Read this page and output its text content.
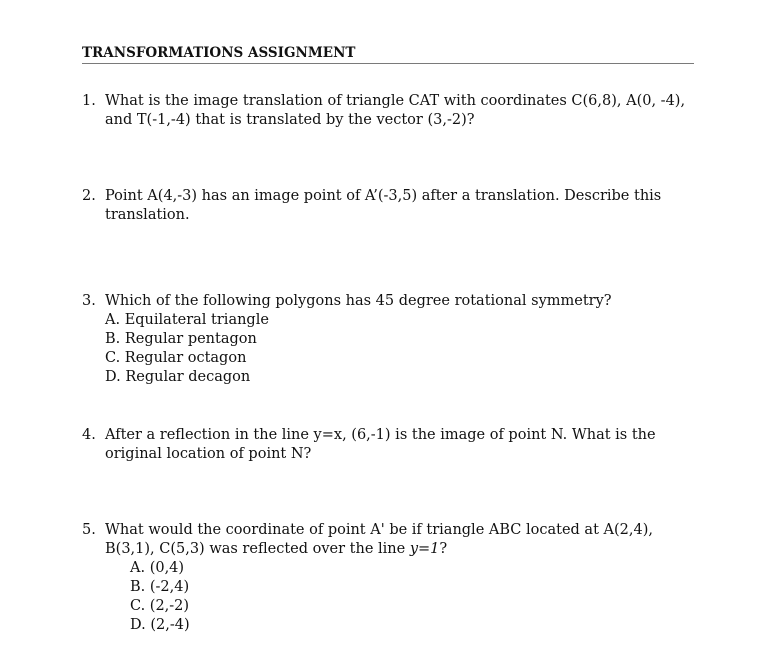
TRANSFORMATIONS ASSIGNMENT
1. What is the image translation of triangle CAT with coordinates C(6,8), A(0, -4), and T(-1,-4) that is translated by the vector (3,-2)?
2. Point A(4,-3) has an image point of A’(-3,5) after a translation. Describe this translation.
3. Which of the following polygons has 45 degree rotational symmetry?
A. Equilateral triangle
B. Regular pentagon
C. Regular octagon
D. Regular decagon
4. After a reflection in the line y=x, (6,-1) is the image of point N. What is the original location of point N?
5. What would the coordinate of point A' be if triangle ABC located at A(2,4), B(3,1), C(5,3) was reflected over the line y=1?
A. (0,4)
B. (-2,4)
C. (2,-2)
D. (2,-4)
